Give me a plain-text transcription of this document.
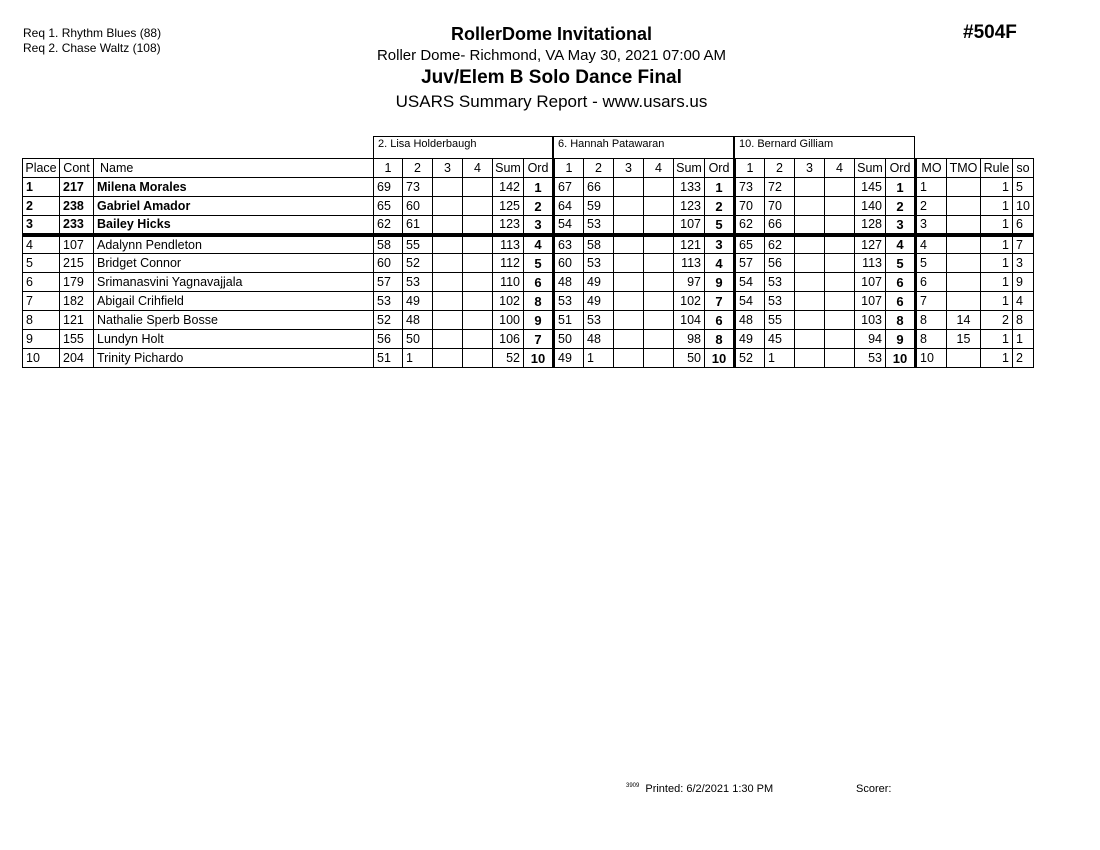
Req 1. Rhythm Blues (88)
Req 2. Chase Waltz (108)
#504F
RollerDome Invitational
Roller Dome- Richmond, VA May 30, 2021 07:00 AM
Juv/Elem B Solo Dance Final
USARS Summary Report - www.usars.us
2. Lisa Holderbaugh	6. Hannah Patawaran	10. Bernard Gilliam
Place	Cont	Name	1	2	3	4	Sum	Ord	1	2	3	4	Sum	Ord	1	2	3	4	Sum	Ord	MO	TMO	Rule	so
1	217	Milena Morales	69	73			142	1	67	66			133	1	73	72			145	1	1		1	5
2	238	Gabriel Amador	65	60			125	2	64	59			123	2	70	70			140	2	2		1	10
3	233	Bailey Hicks	62	61			123	3	54	53			107	5	62	66			128	3	3		1	6
4	107	Adalynn Pendleton	58	55			113	4	63	58			121	3	65	62			127	4	4		1	7
5	215	Bridget Connor	60	52			112	5	60	53			113	4	57	56			113	5	5		1	3
6	179	Srimanasvini Yagnavajjala	57	53			110	6	48	49			97	9	54	53			107	6	6		1	9
7	182	Abigail Crihfield	53	49			102	8	53	49			102	7	54	53			107	6	7		1	4
8	121	Nathalie Sperb Bosse	52	48			100	9	51	53			104	6	48	55			103	8	8	14	2	8
9	155	Lundyn Holt	56	50			106	7	50	48			98	8	49	45			94	9	8	15	1	1
10	204	Trinity Pichardo	51	1			52	10	49	1			50	10	52	1			53	10	10		1	2
$^{3909}$ Printed: 6/2/2021 1:30 PM	Scorer:
